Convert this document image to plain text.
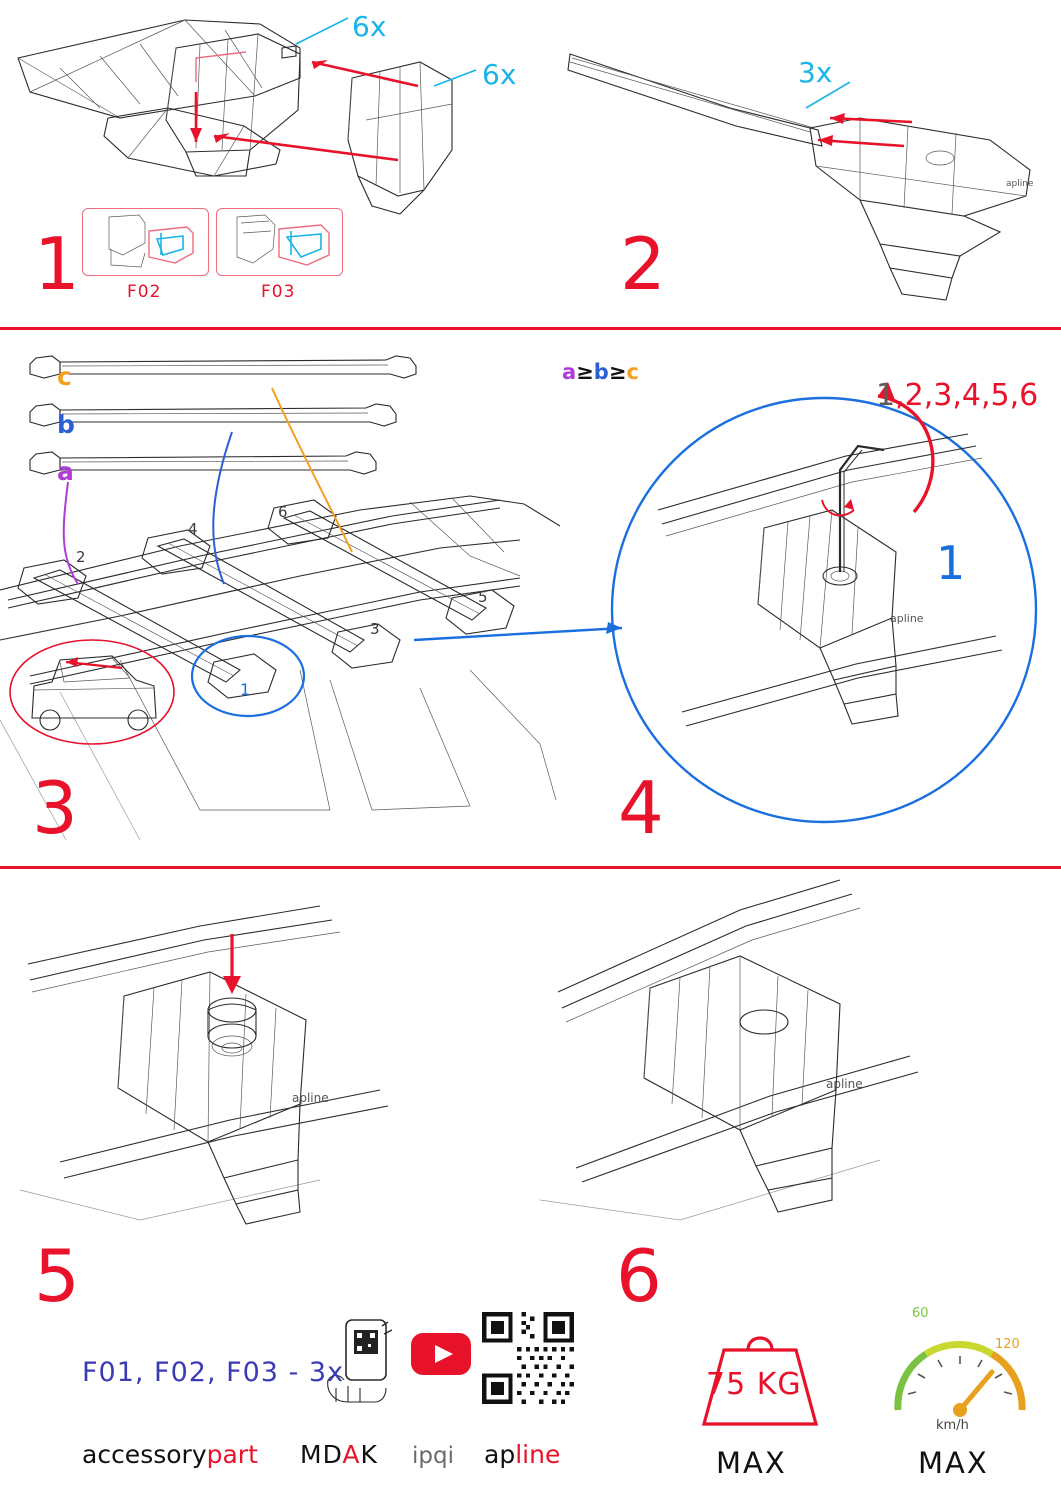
6x
6x
F02	F03
1
apline
3x
2
c
b
a
a≥b≥c
2
4
6
5
3
1
3
apline
1,2,3,4,5,6
1
4
apline
5
apline
6
F01, F02, F03 - 3x
accessorypart MDAK ipqi apline
75 KG
MAX
60
120
km/h
MAX
